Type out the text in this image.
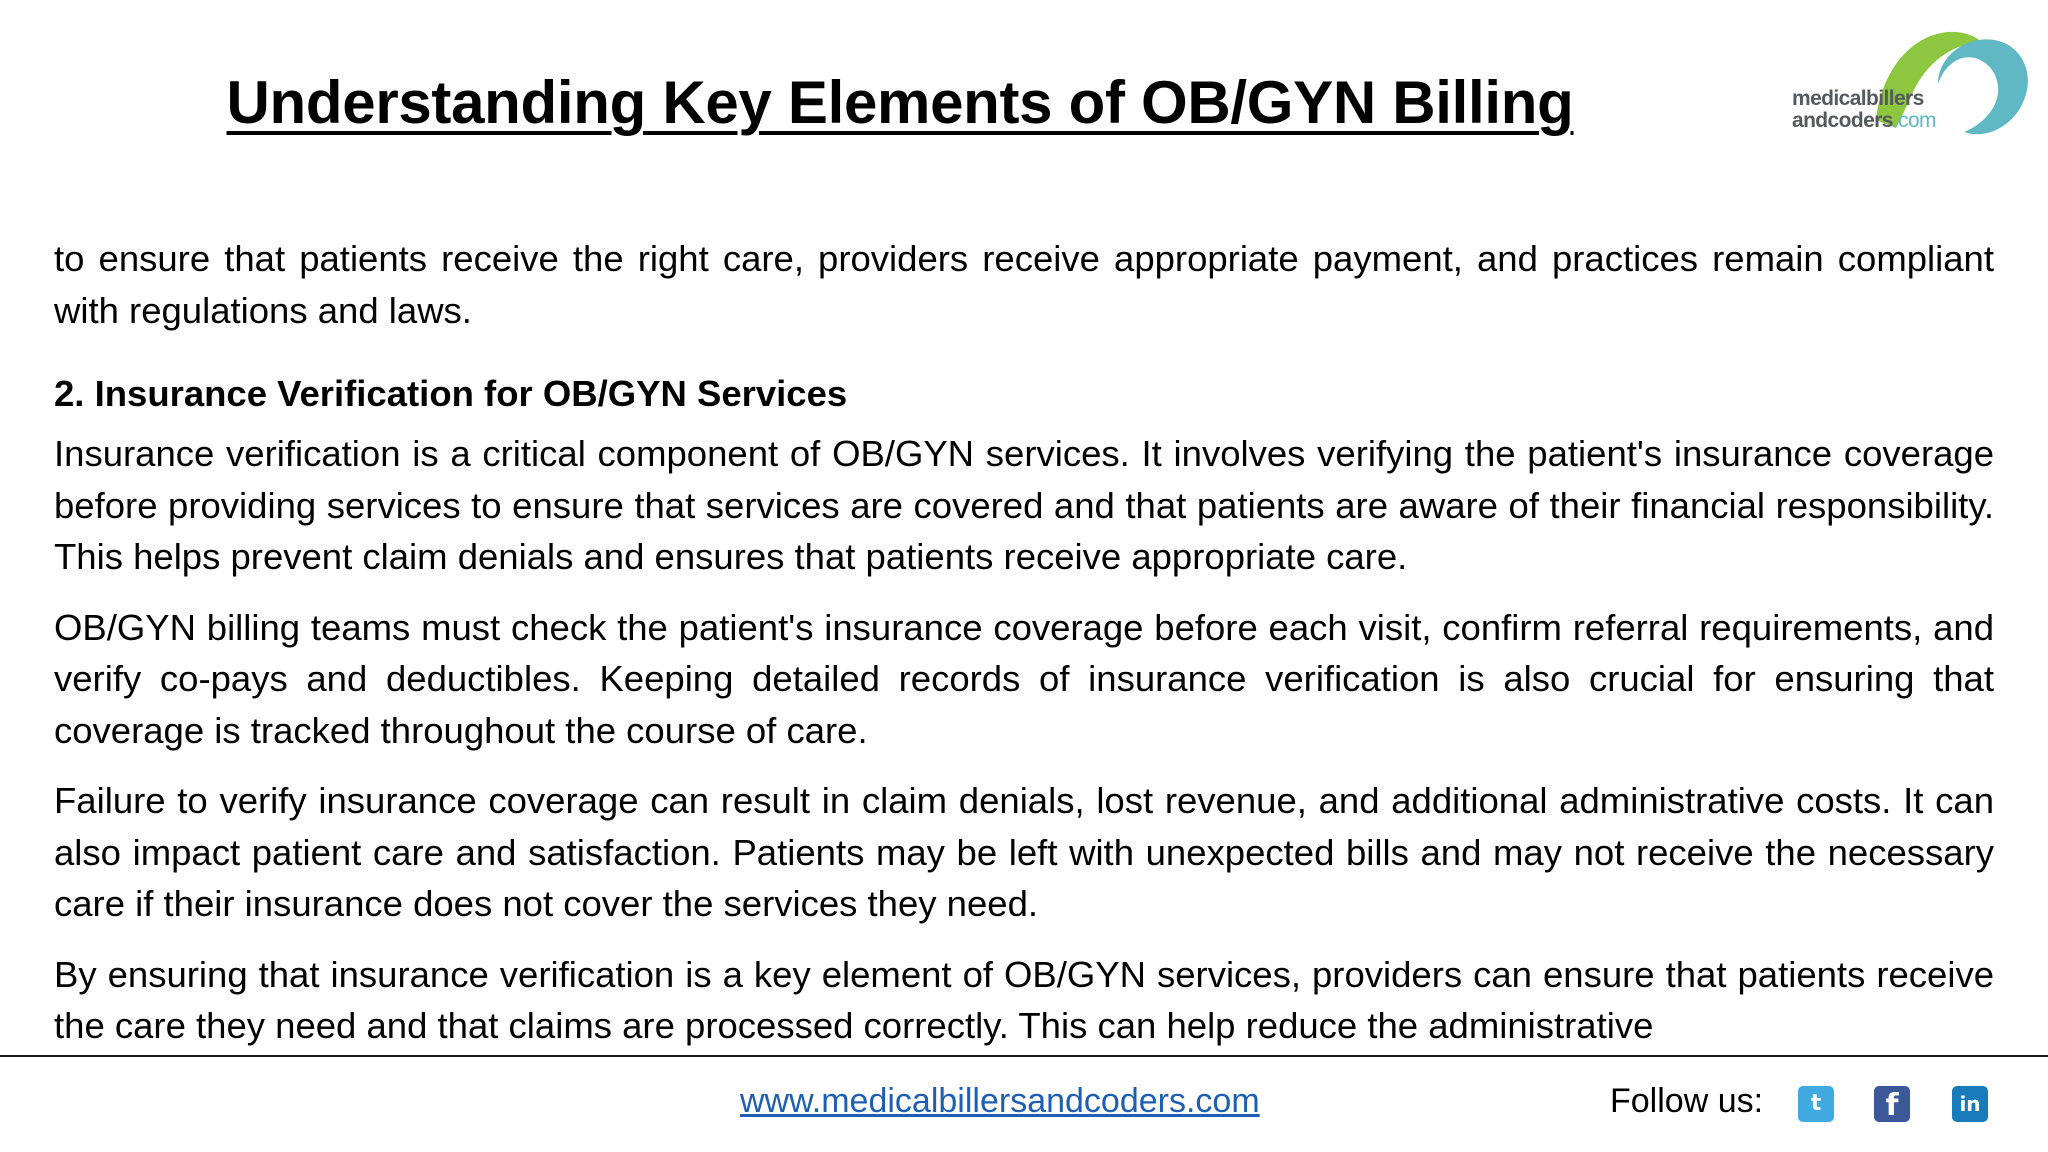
Understanding Key Elements of OB/GYN Billing	medicalbillers
andcoders.com

to ensure that patients receive the right care, providers receive appropriate payment, and practices remain compliant with regulations and laws.

2. Insurance Verification for OB/GYN Services

Insurance verification is a critical component of OB/GYN services. It involves verifying the patient's insurance coverage before providing services to ensure that services are covered and that patients are aware of their financial responsibility. This helps prevent claim denials and ensures that patients receive appropriate care.

OB/GYN billing teams must check the patient's insurance coverage before each visit, confirm referral requirements, and verify co-pays and deductibles. Keeping detailed records of insurance verification is also crucial for ensuring that coverage is tracked throughout the course of care.

Failure to verify insurance coverage can result in claim denials, lost revenue, and additional administrative costs. It can also impact patient care and satisfaction. Patients may be left with unexpected bills and may not receive the necessary care if their insurance does not cover the services they need.

By ensuring that insurance verification is a key element of OB/GYN services, providers can ensure that patients receive the care they need and that claims are processed correctly. This can help reduce the administrative

www.medicalbillersandcoders.com	Follow us:	t	f	in
